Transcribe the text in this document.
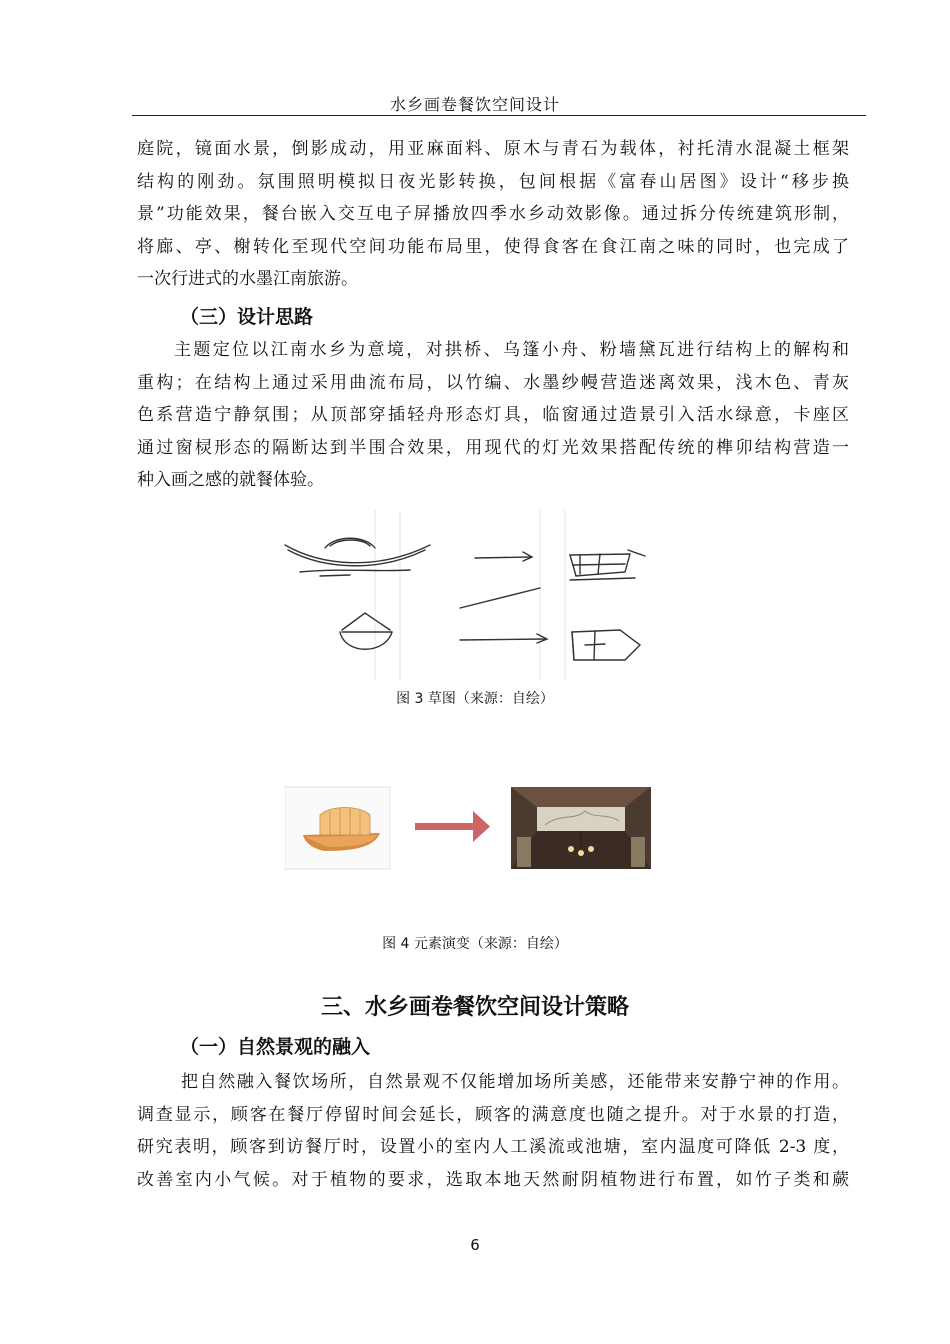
水乡画卷餐饮空间设计
庭院，镜面水景，倒影成动，用亚麻面料、原木与青石为载体，衬托清水混凝土框架
结构的刚劲。氛围照明模拟日夜光影转换，包间根据《富春山居图》设计“移步换
景”功能效果，餐台嵌入交互电子屏播放四季水乡动效影像。通过拆分传统建筑形制，
将廊、亭、榭转化至现代空间功能布局里，使得食客在食江南之味的同时，也完成了
一次行进式的水墨江南旅游。
（三）设计思路
主题定位以江南水乡为意境，对拱桥、乌篷小舟、粉墙黛瓦进行结构上的解构和
重构；在结构上通过采用曲流布局，以竹编、水墨纱幔营造迷离效果，浅木色、青灰
色系营造宁静氛围；从顶部穿插轻舟形态灯具，临窗通过造景引入活水绿意，卡座区
通过窗棂形态的隔断达到半围合效果，用现代的灯光效果搭配传统的榫卯结构营造一
种入画之感的就餐体验。
图 3 草图（来源：自绘）
图 4 元素演变（来源：自绘）
三、水乡画卷餐饮空间设计策略
（一）自然景观的融入
把自然融入餐饮场所，自然景观不仅能增加场所美感，还能带来安静宁神的作用。
调查显示，顾客在餐厅停留时间会延长，顾客的满意度也随之提升。对于水景的打造，
研究表明，顾客到访餐厅时，设置小的室内人工溪流或池塘，室内温度可降低 2-3 度，
改善室内小气候。对于植物的要求，选取本地天然耐阴植物进行布置，如竹子类和蕨
6
